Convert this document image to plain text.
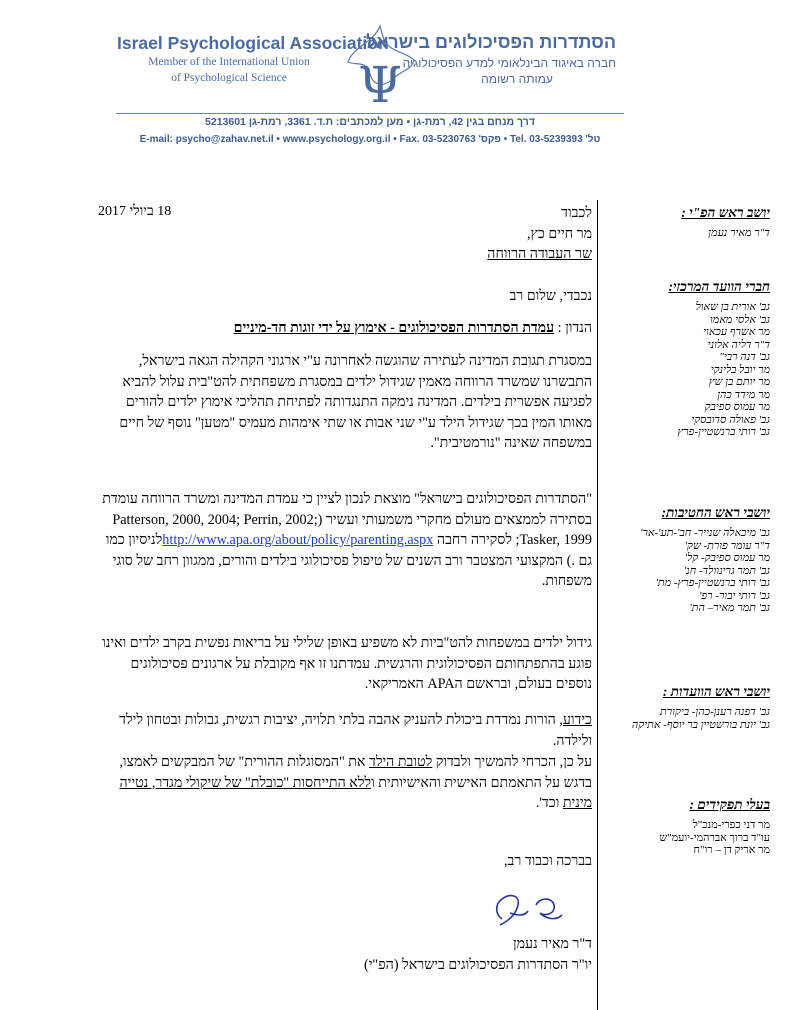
Israel Psychological Association
Member of the International Union
of Psychological Science	Ψ
הסתדרות הפסיכולוגים בישראל
חברה באיגוד הבינלאומי למדע הפסיכולוגיה
עמותה רשומה
דרך מנחם בגין 42, רמת-גן • מען למכתבים: ת.ד. 3361, רמת-גן 5213601
E-mail: psycho@zahav.net.il • www.psychology.org.il • Fax. 03-5230763 'פקס • Tel. 03-5239393 'טל
יושב ראש הפ"י :
ד"ר מאיר נעמן
חברי הוועד המרכזי:
גב' אורית בן שאול
גב' אלסי מאמו
מר אשרף עכאוי
ד"ר דליה אלוני
גב' דנה רבי"
מר יובל בלינקי
מר יותם בן שץ
מר מידד כהן
מר עמוס ספיבק
גב' פאולה סדובסקי
גב' רותי ברנשטיין-פרץ
יושבי ראש החטיבות:
גב' מיכאלה שנייר- חב'-תע'-אר'
ד"ר עומר פורת- שק'
מר עמוס ספיבק- קל'
גב' תמר גרינוולד- חנ'
גב' רותי ברנשטיין-פרץ- מת'
גב' רותי יבור- רפ'
גב' תמר מאיר– הת'
יושבי ראש הוועדות :
גב' דפנה רענן-כהן- ביקורת
גב' יונת בורשטיין בר יוסף- אתיקה
בעלי תפקידים :
מר דני כפרי-מנכ"ל
עו"ד ברוך אברהמי-יועמ"ש
מר אריק דן – רו"ח
18 ביולי 2017	לכבוד

מר חיים כץ,

שר העבודה הרווחה

נכבדי, שלום רב
הנדון : עמדת הסתדרות הפסיכולוגים - אימוץ על ידי זוגות חד-מיניים

במסגרת תגובת המדינה לעתירה שהוגשה לאחרונה ע"י ארגוני הקהילה הגאה בישראל, התבשרנו שמשרד הרווחה מאמין שגידול ילדים במסגרת משפחתית להט"בית עלול להביא לפגיעה אפשרית בילדים. המדינה נימקה התנגדותה לפתיחת תהליכי אימוץ ילדים להורים מאותו המין בכך שגידול הילד ע"י שני אבות או שתי אימהות מעמיס "מטען" נוסף של חיים במשפחה שאינה "נורמטיבית".

"הסתדרות הפסיכולוגים בישראל" מוצאת לנכון לציין כי עמדת המדינה ומשרד הרווחה עומדת בסתירה לממצאים מעולם מחקרי משמעותי ועשיר (Patterson, 2000, 2004; Perrin, 2002; Tasker, 1999; לסקירה רחבה http://www.apa.org/about/policy/parenting.aspxלניסיון כמו גם .) המקצועי המצטבר ורב השנים של טיפול פסיכולוגי בילדים והורים, ממגוון רחב של סוגי משפחות.

גידול ילדים במשפחות להט"ביות לא משפיע באופן שלילי על בריאות נפשית בקרב ילדים ואינו פוגע בהתפתחותם הפסיכולוגית והרגשית. עמדתנו זו אף מקובלת על ארגונים פסיכולוגים נוספים בעולם, ובראשם הAPA האמריקאי.

כידוע, הורות נמדדת ביכולת להעניק אהבה בלתי תלויה, יציבות רגשית, גבולות ובטחון לילד ולילדה.

על כן, הכרחי להמשיך ולבדוק לטובת הילד את "המסוגלות ההורית" של המבקשים לאמצו, בדגש על התאמתם האישית והאישיותית וללא התייחסות "כובלת" של שיקולי מגדר, נטייה מינית וכד'.

בברכה וכבוד רב,

ד"ר מאיר נעמן

יו"ר הסתדרות הפסיכולוגים בישראל (הפ"י)
